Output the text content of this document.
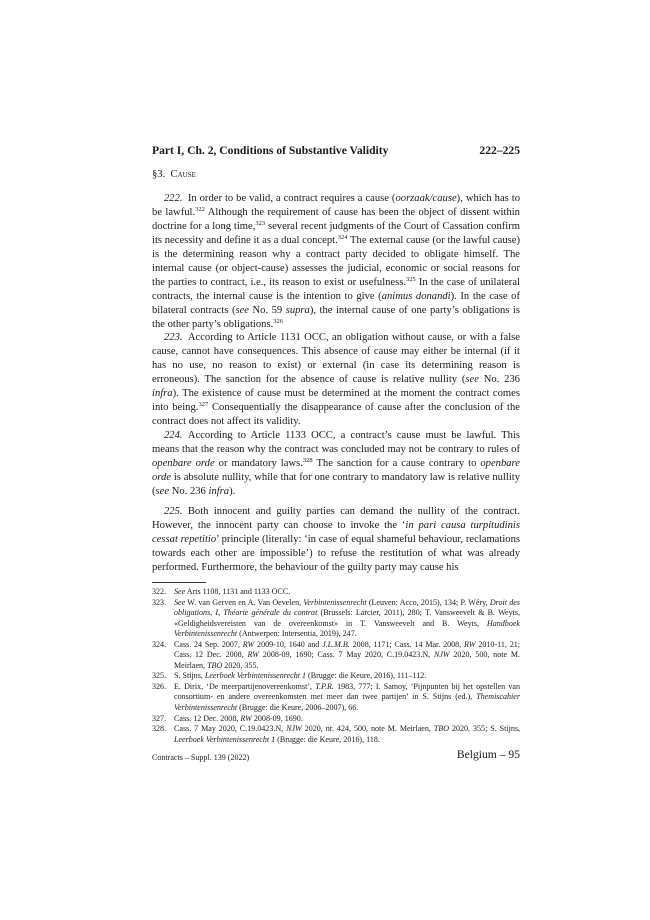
Part I, Ch. 2, Conditions of Substantive Validity	222–225
§3. Cause

222.  In order to be valid, a contract requires a cause (oorzaak/cause), which has to be lawful.$^{322}$ Although the requirement of cause has been the object of dissent within doctrine for a long time,$^{323}$ several recent judgments of the Court of Cassation confirm its necessity and define it as a dual concept.$^{324}$ The external cause (or the lawful cause) is the determining reason why a contract party decided to obligate himself. The internal cause (or object-cause) assesses the judicial, economic or social reasons for the parties to contract, i.e., its reason to exist or usefulness.$^{325}$ In the case of unilateral contracts, the internal cause is the intention to give (animus donandi). In the case of bilateral contracts (see No. 59 supra), the internal cause of one party’s obligations is the other party’s obligations.$^{326}$

223.  According to Article 1131 OCC, an obligation without cause, or with a false cause, cannot have consequences. This absence of cause may either be internal (if it has no use, no reason to exist) or external (in case its determining reason is erroneous). The sanction for the absence of cause is relative nullity (see No. 236 infra). The existence of cause must be determined at the moment the contract comes into being.$^{327}$ Consequentially the disappearance of cause after the conclusion of the contract does not affect its validity.

224.  According to Article 1133 OCC, a contract’s cause must be lawful. This means that the reason why the contract was concluded may not be contrary to rules of openbare orde or mandatory laws.$^{328}$ The sanction for a cause contrary to openbare orde is absolute nullity, while that for one contrary to mandatory law is relative nullity (see No. 236 infra).

225.  Both innocent and guilty parties can demand the nullity of the contract. However, the innocent party can choose to invoke the ‘in pari causa turpitudinis cessat repetitio’ principle (literally: ‘in case of equal shameful behaviour, reclamations towards each other are impossible’) to refuse the restitution of what was already performed. Furthermore, the behaviour of the guilty party may cause his

322. See Arts 1108, 1131 and 1133 OCC.
323. See W. van Gerven en A. Van Oevelen, Verbintenissenrecht (Leuven: Acco, 2015), 134; P. Wéry, Droit des obligations, I, Théorie générale du contrat (Brussels: Larcier, 2011), 280; T. Vansweevelt & B. Weyts, «Geldigheidsvereisten van de overeenkomst» in T. Vansweevelt and B. Weyts, Handboek Verbintenissenrecht (Antwerpen: Intersentia, 2019), 247.
324. Cass. 24 Sep. 2007, RW 2009-10, 1640 and J.L.M.B. 2008, 1171; Cass. 14 Mar. 2008, RW 2010-11, 21; Cass. 12 Dec. 2008, RW 2008-09, 1690; Cass. 7 May 2020, C.19.0423.N, NJW 2020, 500, note M. Meirlaen, TBO 2020, 355.
325. S. Stijns, Leerboek Verbintenissenrecht 1 (Brugge: die Keure, 2016), 111–112.
326. E. Dirix, ‘De meerpartijenovereenkomst’, T.P.R. 1983, 777; I. Samoy, ‘Pijnpunten bij het opstellen van consortium- en andere overeenkomsten met meer dan twee partijen’ in S. Stijns (ed.), Themiscahier Verbintenissenrecht (Brugge: die Keure, 2006–2007), 66.
327. Cass. 12 Dec. 2008, RW 2008-09, 1690.
328. Cass. 7 May 2020, C.19.0423.N, NJW 2020, nr. 424, 500, note M. Meirlaen, TBO 2020, 355; S. Stijns, Leerboek Verbintenissenrecht 1 (Brugge: die Keure, 2016), 118.
Contracts – Suppl. 139 (2022)	Belgium – 95
